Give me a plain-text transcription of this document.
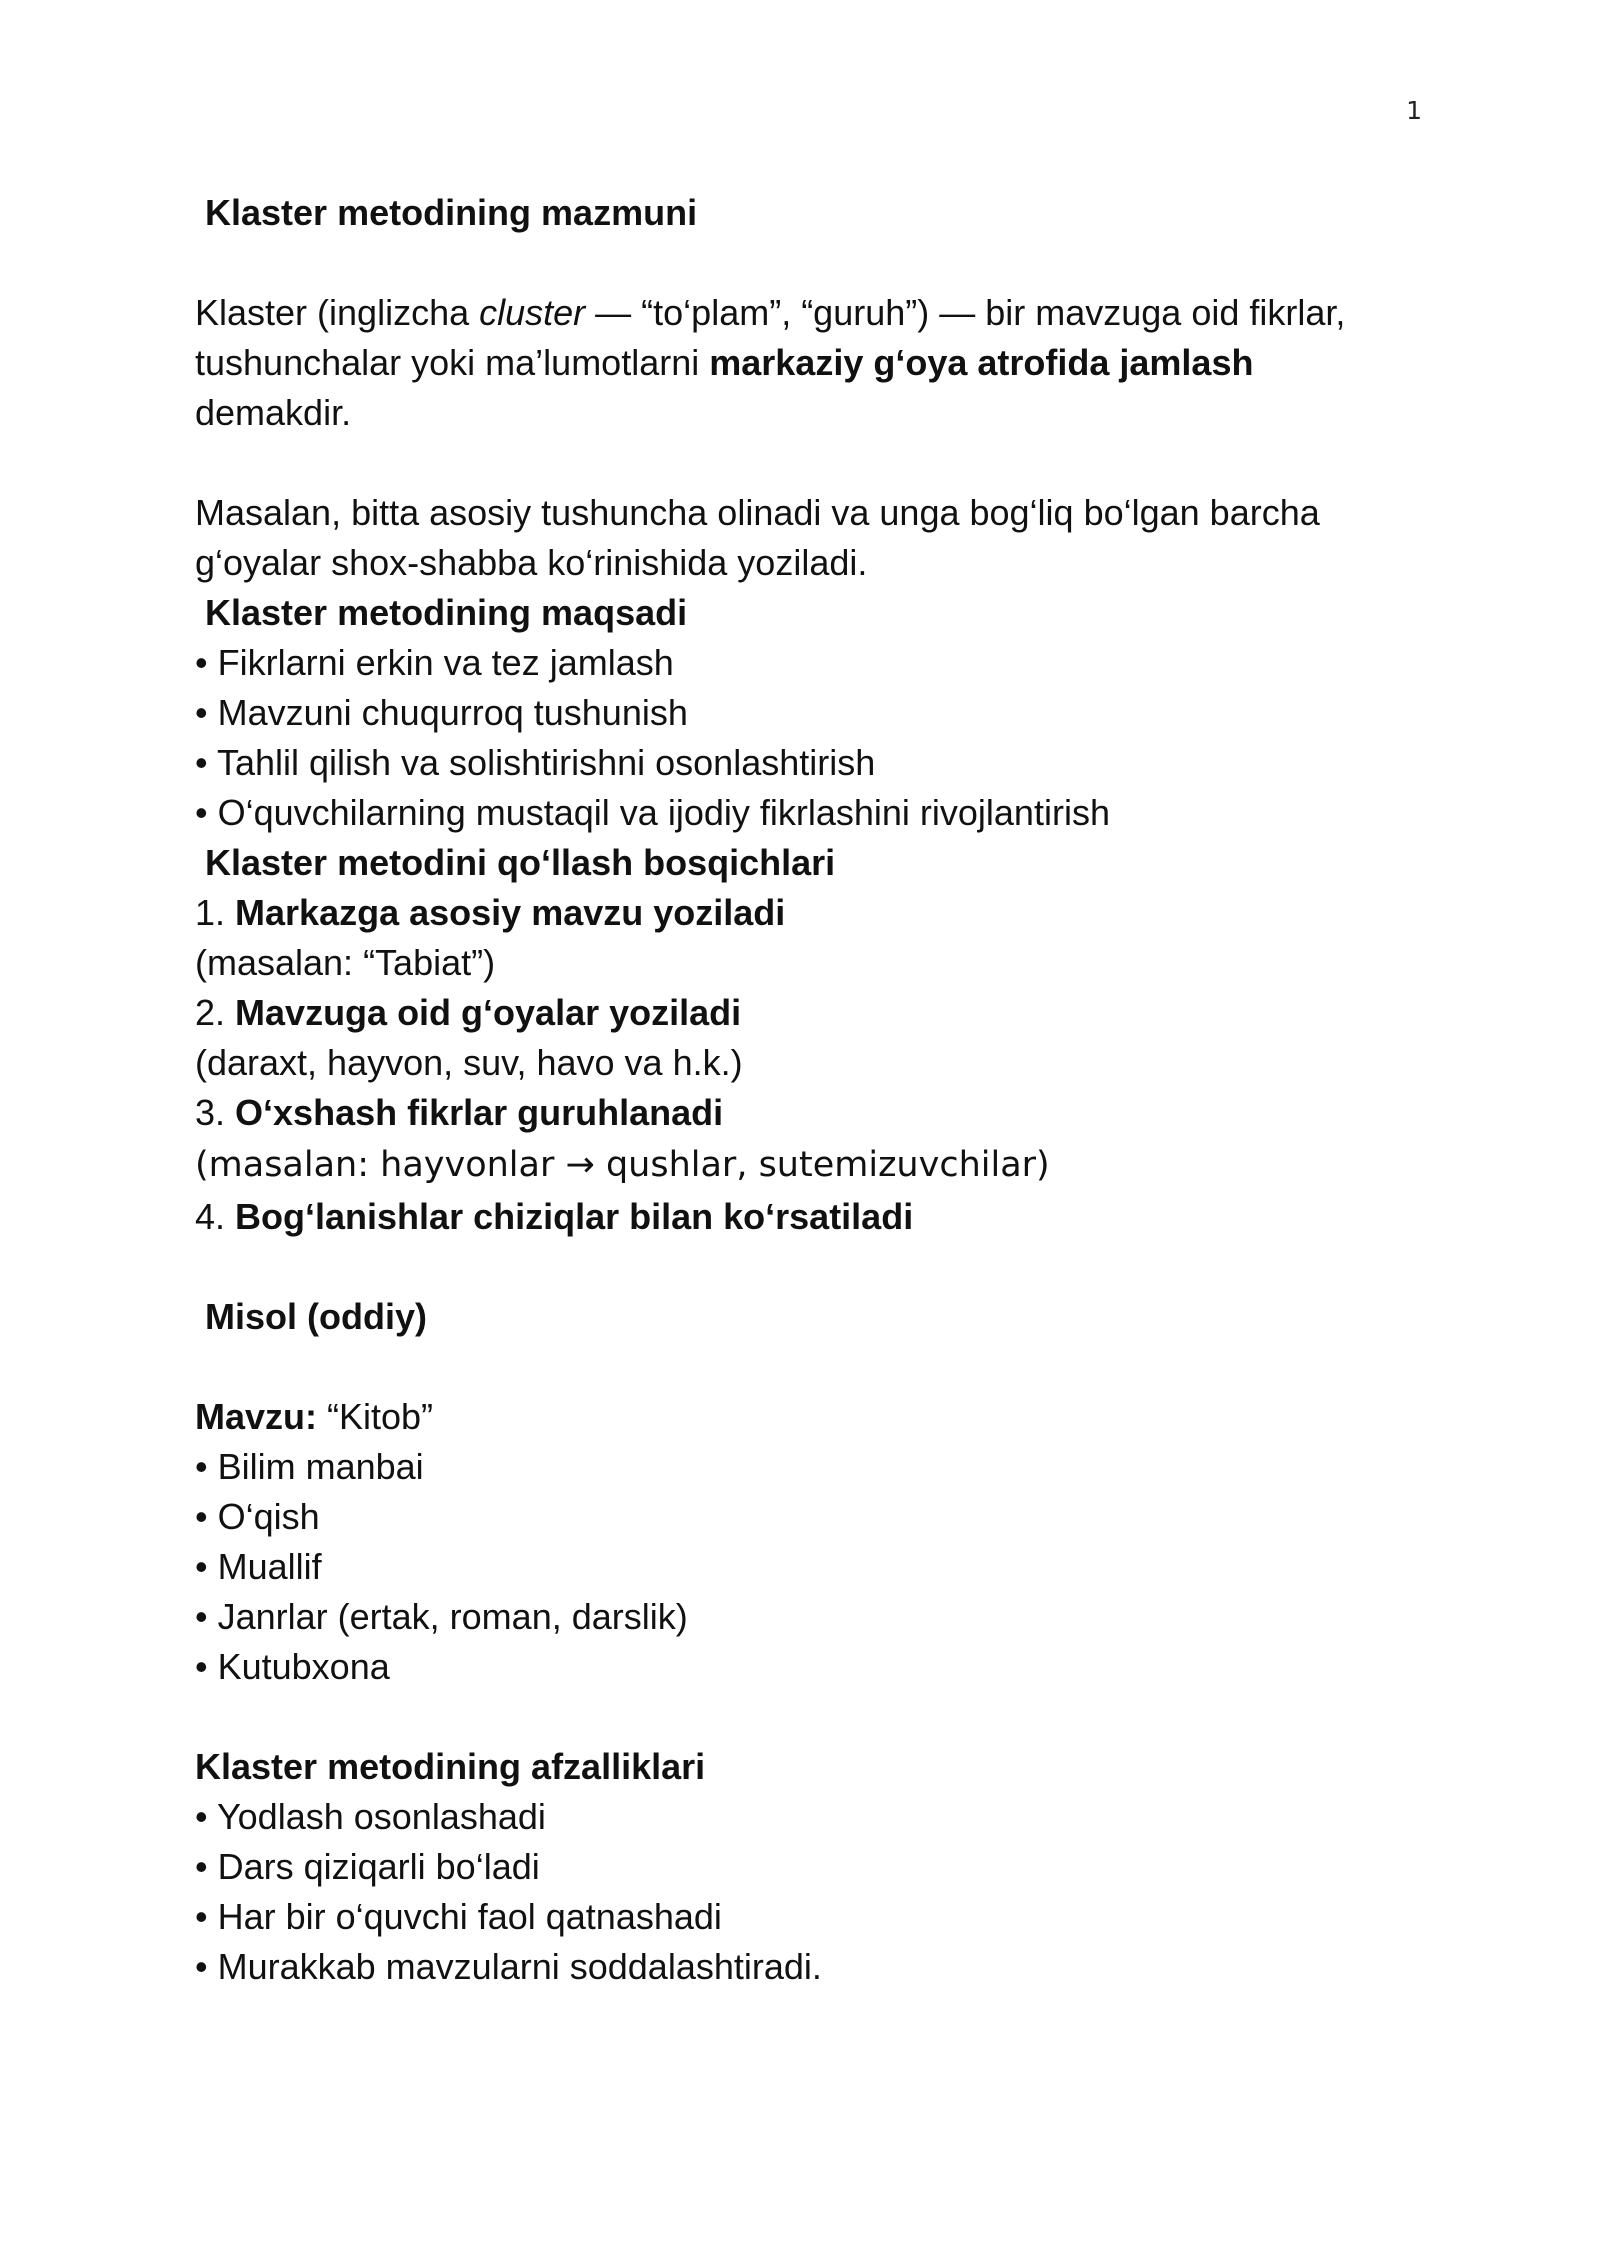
1
Klaster metodining mazmuni
Klaster (inglizcha cluster — “to‘plam”, “guruh”) — bir mavzuga oid fikrlar,
tushunchalar yoki ma’lumotlarni markaziy g‘oya atrofida jamlash
demakdir.
Masalan, bitta asosiy tushuncha olinadi va unga bog‘liq bo‘lgan barcha
g‘oyalar shox-shabba ko‘rinishida yoziladi.
Klaster metodining maqsadi
• Fikrlarni erkin va tez jamlash
• Mavzuni chuqurroq tushunish
• Tahlil qilish va solishtirishni osonlashtirish
• O‘quvchilarning mustaqil va ijodiy fikrlashini rivojlantirish
Klaster metodini qo‘llash bosqichlari
1. Markazga asosiy mavzu yoziladi
(masalan: “Tabiat”)
2. Mavzuga oid g‘oyalar yoziladi
(daraxt, hayvon, suv, havo va h.k.)
3. O‘xshash fikrlar guruhlanadi
(masalan: hayvonlar → qushlar, sutemizuvchilar)
4. Bog‘lanishlar chiziqlar bilan ko‘rsatiladi
Misol (oddiy)
Mavzu: “Kitob”
• Bilim manbai
• O‘qish
• Muallif
• Janrlar (ertak, roman, darslik)
• Kutubxona
Klaster metodining afzalliklari
• Yodlash osonlashadi
• Dars qiziqarli bo‘ladi
• Har bir o‘quvchi faol qatnashadi
• Murakkab mavzularni soddalashtiradi.
